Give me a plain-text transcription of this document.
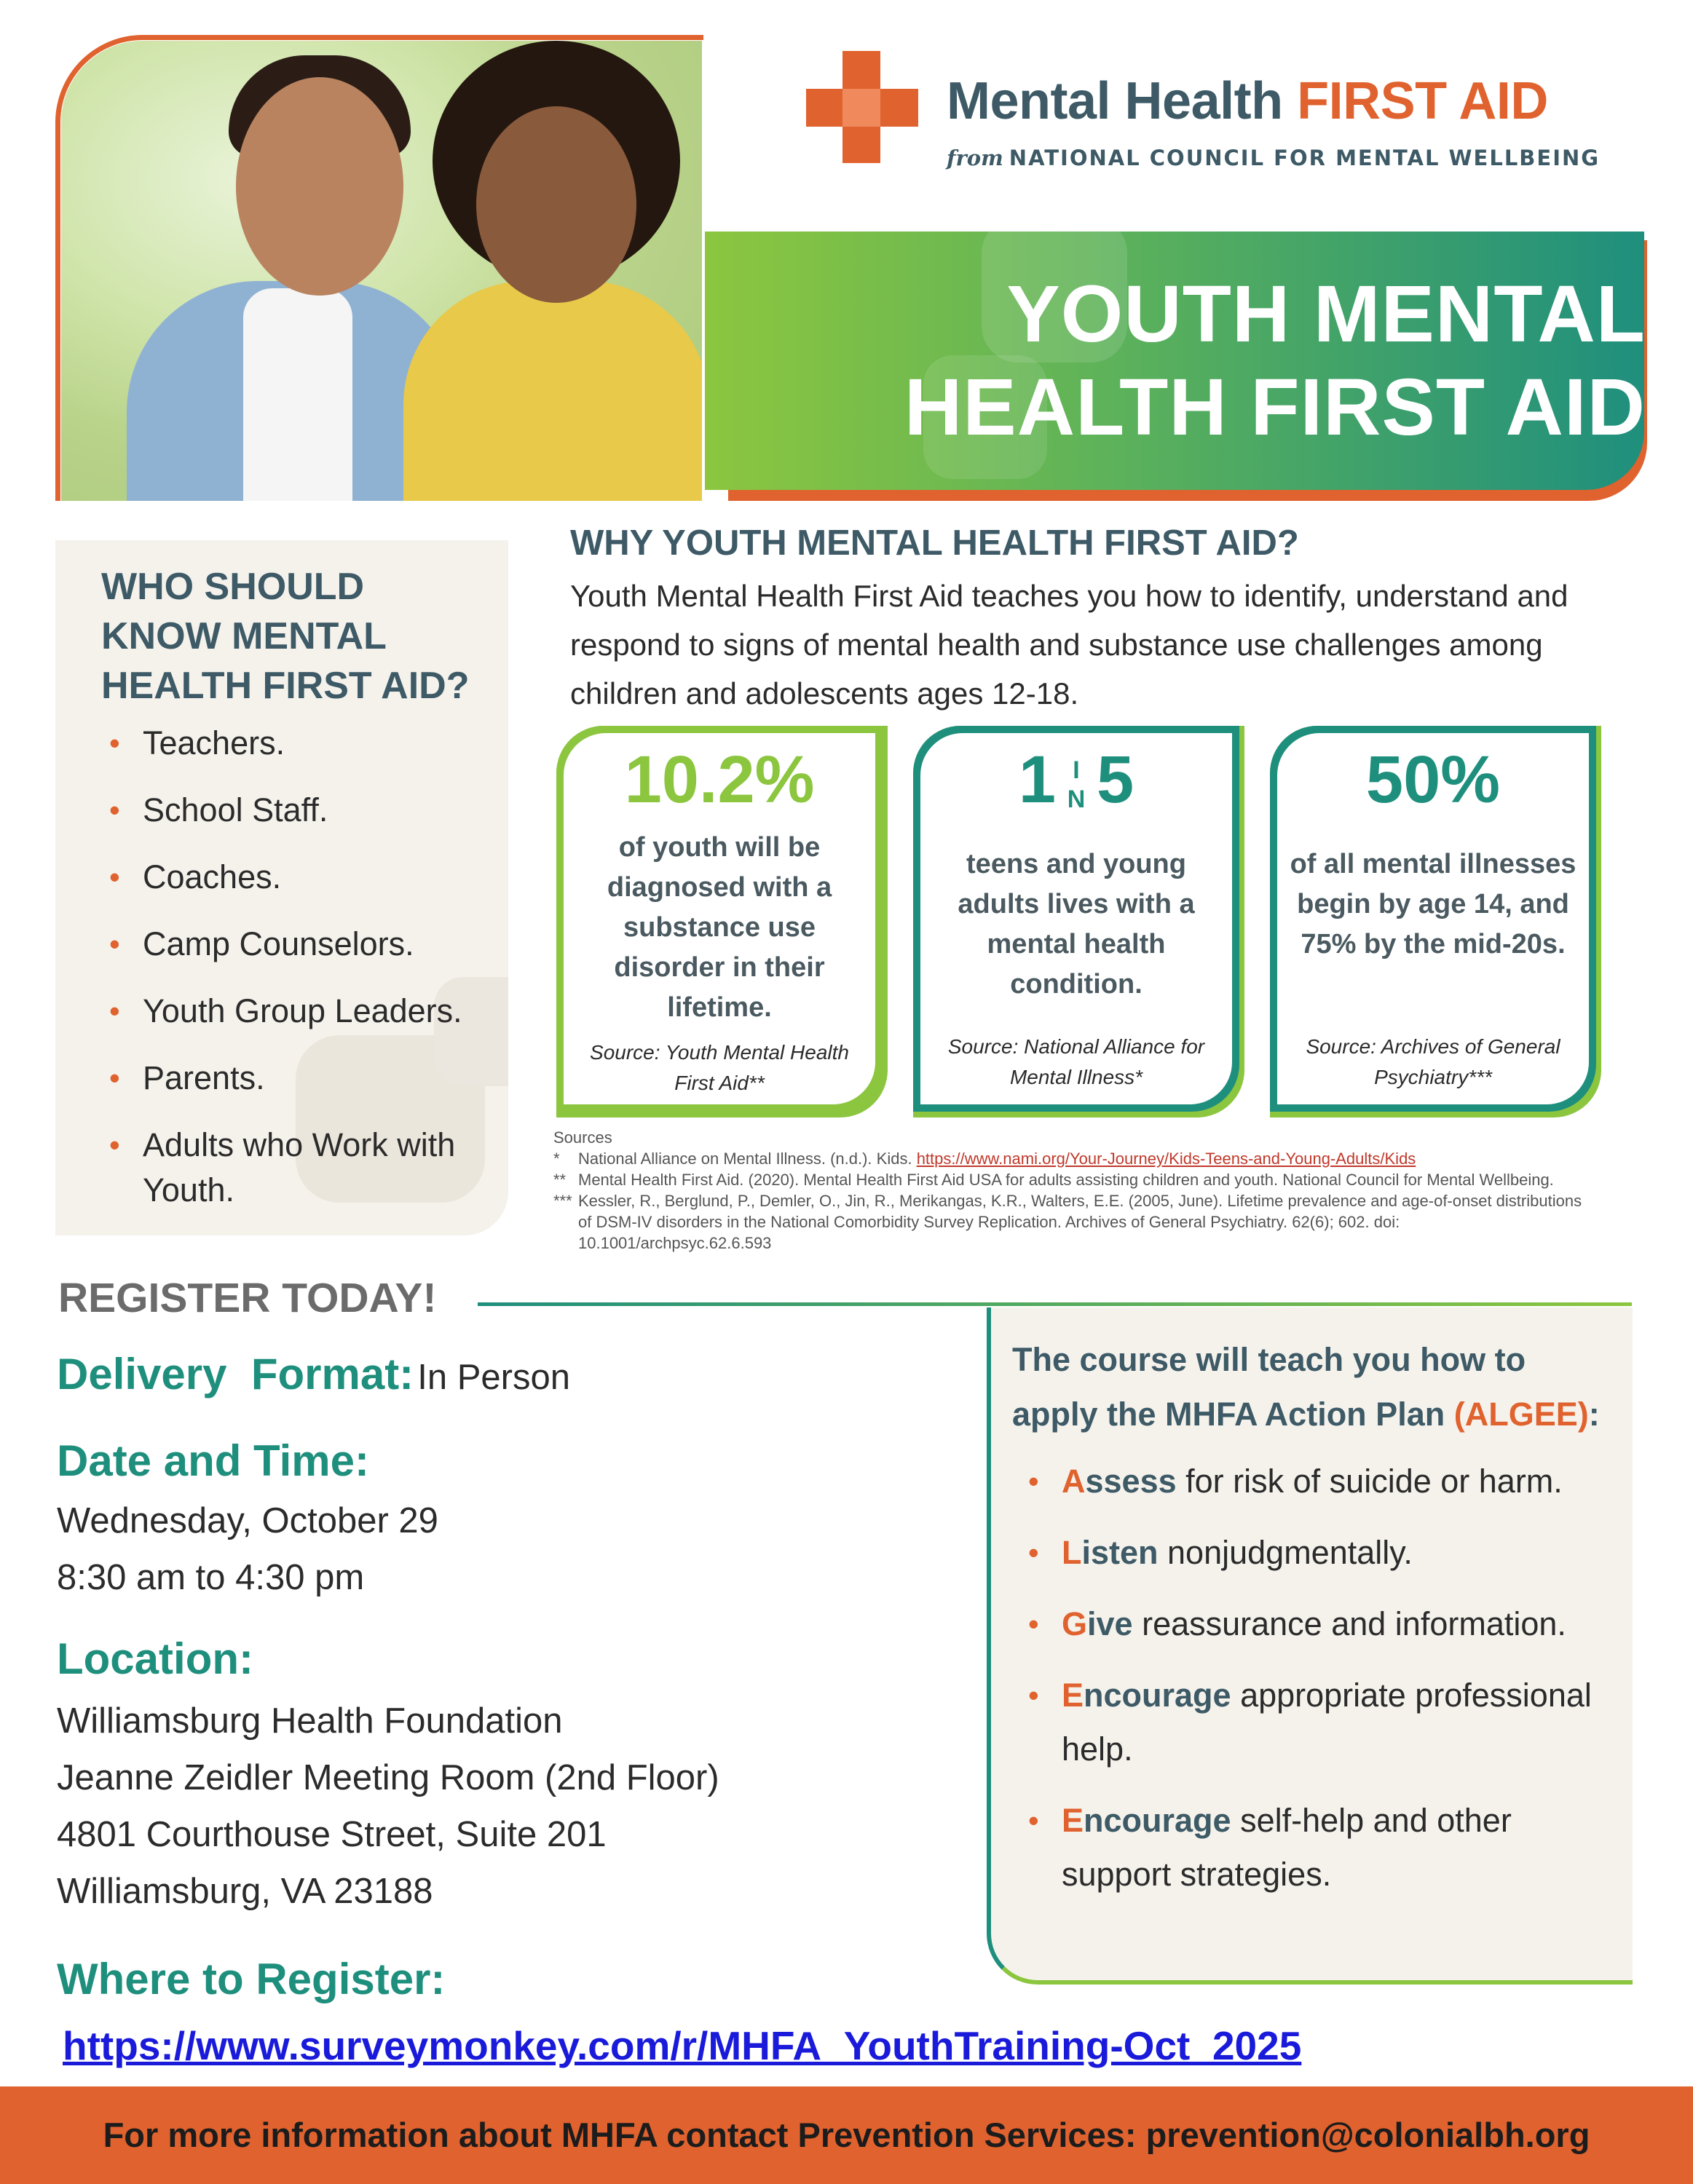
Mental Health FIRST AID
from NATIONAL COUNCIL FOR MENTAL WELLBEING
YOUTH MENTAL
HEALTH FIRST AID
WHO SHOULD
KNOW MENTAL
HEALTH FIRST AID?
• Teachers.
• School Staff.
• Coaches.
• Camp Counselors.
• Youth Group Leaders.
• Parents.
• Adults who Work with Youth.
WHY YOUTH MENTAL HEALTH FIRST AID?
Youth Mental Health First Aid teaches you how to identify, understand and respond to signs of mental health and substance use challenges among children and adolescents ages 12-18.
10.2%
of youth will be diagnosed with a substance use disorder in their lifetime.
Source: Youth Mental Health First Aid**
1 I
N 5
teens and young adults lives with a mental health condition.
Source: National Alliance for Mental Illness*
50%
of all mental illnesses begin by age 14, and 75% by the mid-20s.
Source: Archives of General Psychiatry***
Sources
* National Alliance on Mental Illness. (n.d.). Kids. https://www.nami.org/Your-Journey/Kids-Teens-and-Young-Adults/Kids
** Mental Health First Aid. (2020). Mental Health First Aid USA for adults assisting children and youth. National Council for Mental Wellbeing.
*** Kessler, R., Berglund, P., Demler, O., Jin, R., Merikangas, K.R., Walters, E.E. (2005, June). Lifetime prevalence and age-of-onset distributions of DSM-IV disorders in the National Comorbidity Survey Replication. Archives of General Psychiatry. 62(6); 602. doi: 10.1001/archpsyc.62.6.593
REGISTER TODAY!
Delivery  Format: In Person
Date and Time:
Wednesday, October 29
8:30 am to 4:30 pm
Location:
Williamsburg Health Foundation
Jeanne Zeidler Meeting Room (2nd Floor)
4801 Courthouse Street, Suite 201
Williamsburg, VA 23188
Where to Register:
https://www.surveymonkey.com/r/MHFA_YouthTraining-Oct_2025
The course will teach you how to
apply the MHFA Action Plan (ALGEE):
• Assess for risk of suicide or harm.
• Listen nonjudgmentally.
• Give reassurance and information.
• Encourage appropriate professional help.
• Encourage self-help and other support strategies.
For more information about MHFA contact Prevention Services: prevention@colonialbh.org
